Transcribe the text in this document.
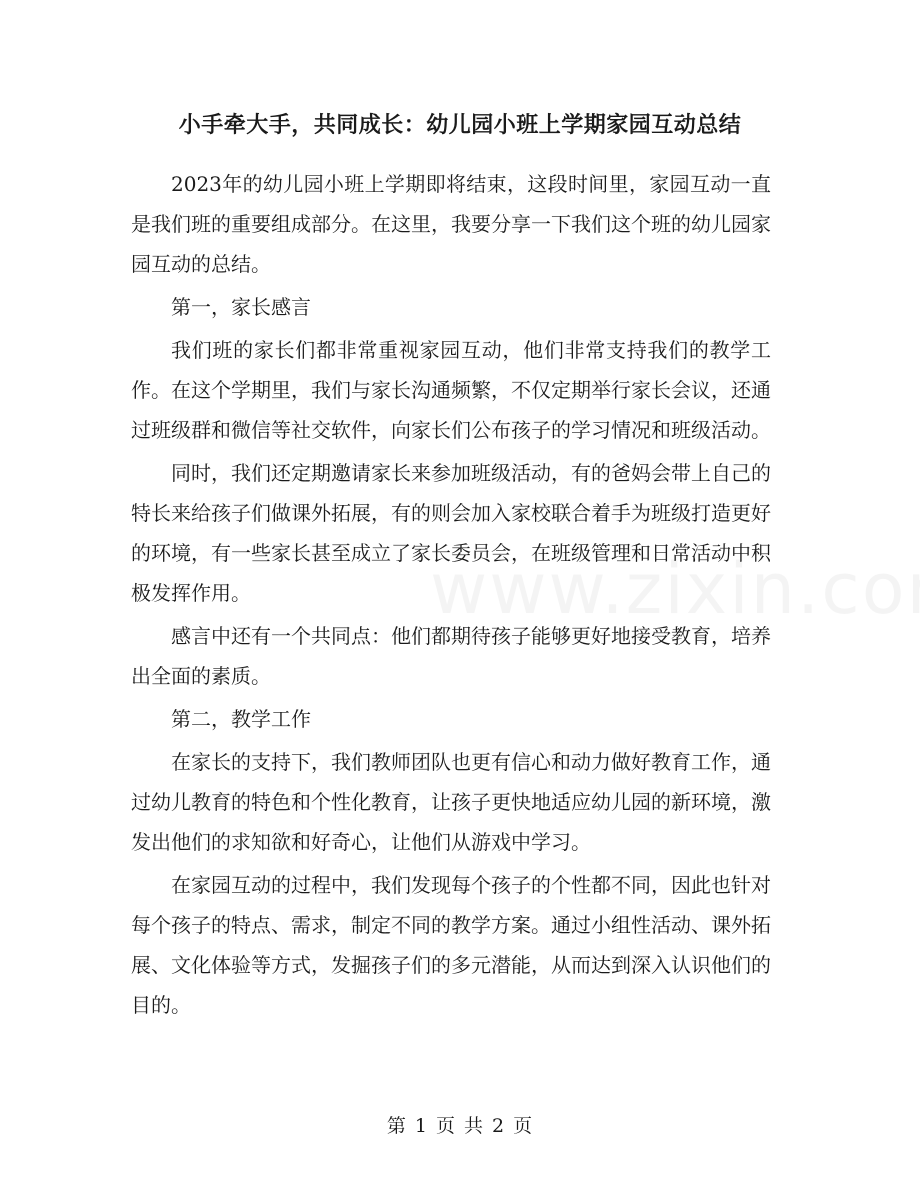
小手牵大手，共同成长：幼儿园小班上学期家园互动总结

2023年的幼儿园小班上学期即将结束，这段时间里，家园互动一直是我们班的重要组成部分。在这里，我要分享一下我们这个班的幼儿园家园互动的总结。

第一，家长感言

我们班的家长们都非常重视家园互动，他们非常支持我们的教学工作。在这个学期里，我们与家长沟通频繁，不仅定期举行家长会议，还通过班级群和微信等社交软件，向家长们公布孩子的学习情况和班级活动。

同时，我们还定期邀请家长来参加班级活动，有的爸妈会带上自己的特长来给孩子们做课外拓展，有的则会加入家校联合着手为班级打造更好的环境，有一些家长甚至成立了家长委员会，在班级管理和日常活动中积极发挥作用。

感言中还有一个共同点：他们都期待孩子能够更好地接受教育，培养出全面的素质。

第二，教学工作

在家长的支持下，我们教师团队也更有信心和动力做好教育工作，通过幼儿教育的特色和个性化教育，让孩子更快地适应幼儿园的新环境，激发出他们的求知欲和好奇心，让他们从游戏中学习。

在家园互动的过程中，我们发现每个孩子的个性都不同，因此也针对每个孩子的特点、需求，制定不同的教学方案。通过小组性活动、课外拓展、文化体验等方式，发掘孩子们的多元潜能，从而达到深入认识他们的目的。

第 1 页 共 2 页
